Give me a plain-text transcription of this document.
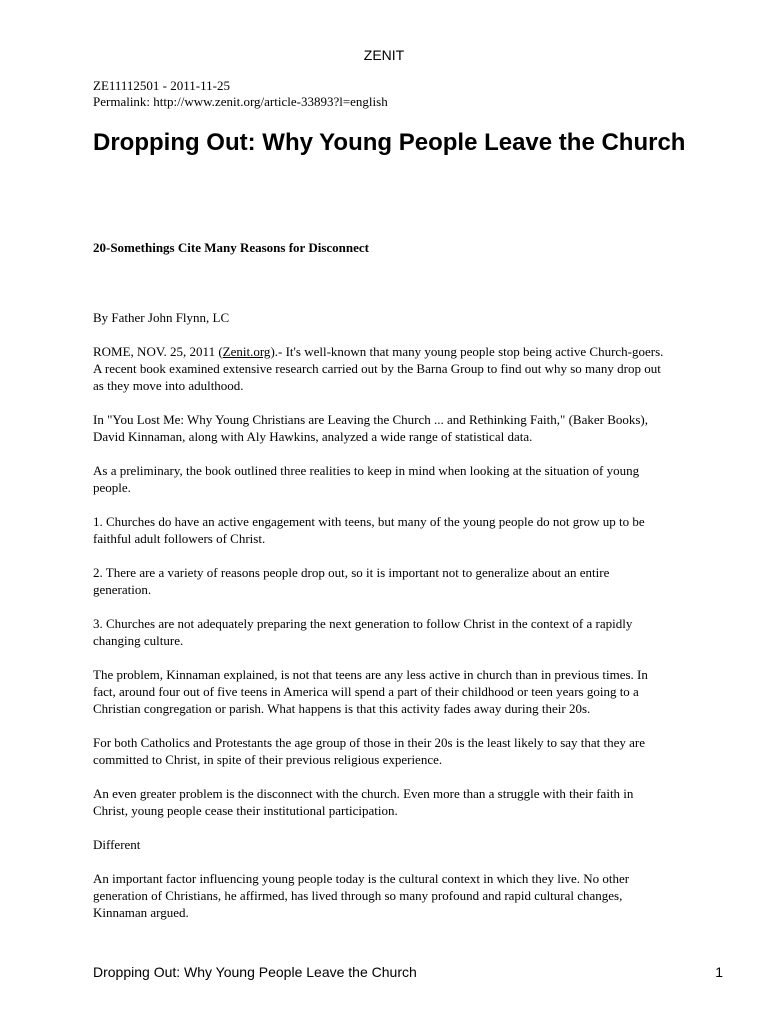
ZENIT
ZE11112501 - 2011-11-25
Permalink: http://www.zenit.org/article-33893?l=english
Dropping Out: Why Young People Leave the Church
20-Somethings Cite Many Reasons for Disconnect
By Father John Flynn, LC

ROME, NOV. 25, 2011 (Zenit.org).- It's well-known that many young people stop being active Church-goers.
A recent book examined extensive research carried out by the Barna Group to find out why so many drop out
as they move into adulthood.

In "You Lost Me: Why Young Christians are Leaving the Church ... and Rethinking Faith," (Baker Books),
David Kinnaman, along with Aly Hawkins, analyzed a wide range of statistical data.

As a preliminary, the book outlined three realities to keep in mind when looking at the situation of young
people.

1. Churches do have an active engagement with teens, but many of the young people do not grow up to be
faithful adult followers of Christ.

2. There are a variety of reasons people drop out, so it is important not to generalize about an entire
generation.

3. Churches are not adequately preparing the next generation to follow Christ in the context of a rapidly
changing culture.

The problem, Kinnaman explained, is not that teens are any less active in church than in previous times. In
fact, around four out of five teens in America will spend a part of their childhood or teen years going to a
Christian congregation or parish. What happens is that this activity fades away during their 20s.

For both Catholics and Protestants the age group of those in their 20s is the least likely to say that they are
committed to Christ, in spite of their previous religious experience.

An even greater problem is the disconnect with the church. Even more than a struggle with their faith in
Christ, young people cease their institutional participation.

Different

An important factor influencing young people today is the cultural context in which they live. No other
generation of Christians, he affirmed, has lived through so many profound and rapid cultural changes,
Kinnaman argued.

Dropping Out: Why Young People Leave the Church	1
